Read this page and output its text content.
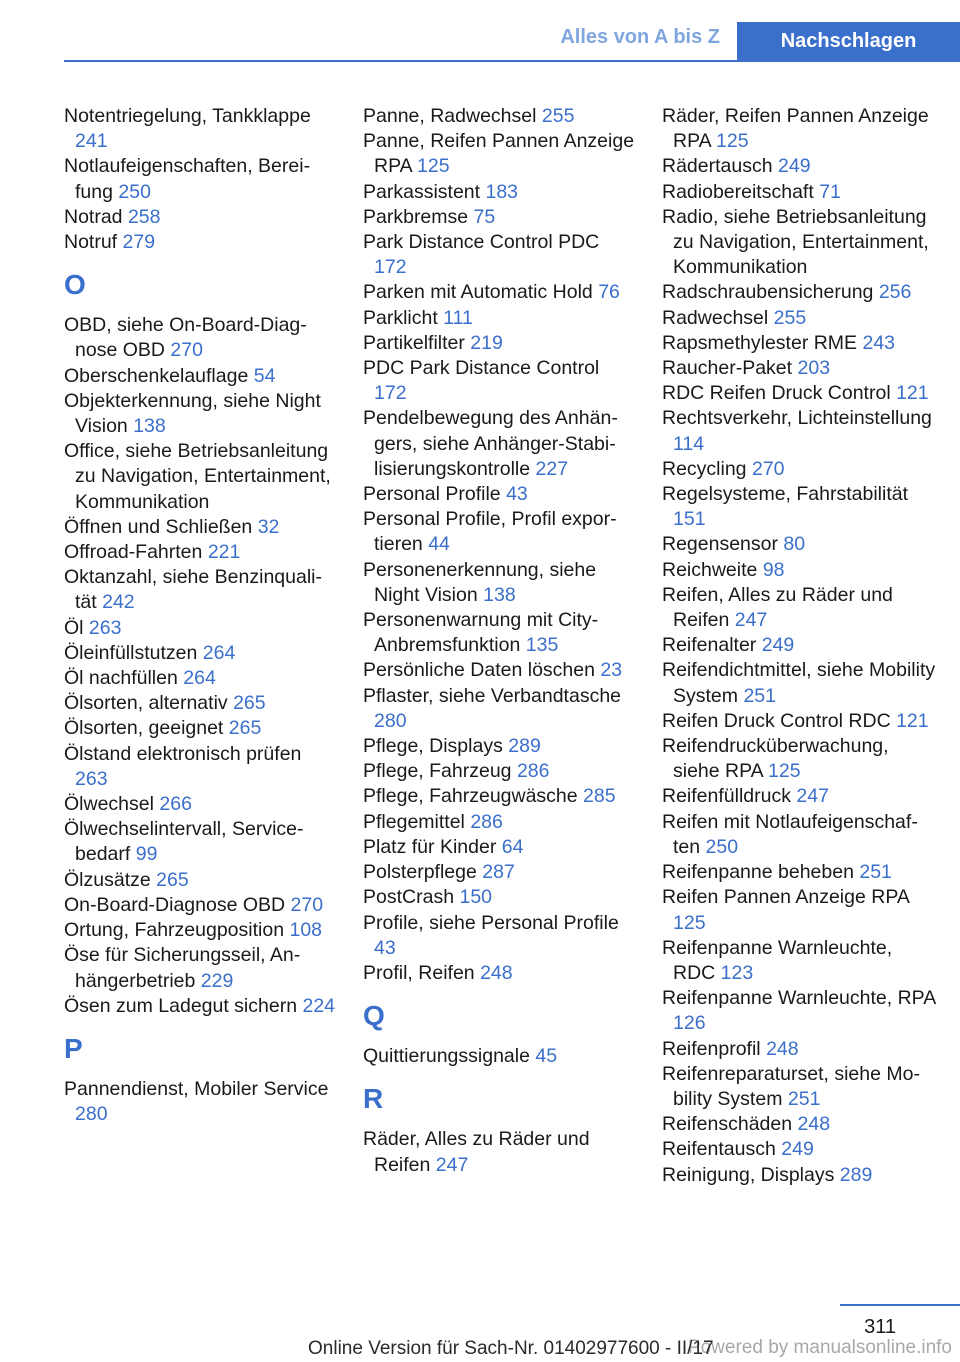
Alles von A bis Z	Nachschlagen

Notentriegelung, Tankklappe 241

Notlaufeigenschaften, Bereifung 250

Notrad 258

Notruf 279

O

OBD, siehe On-Board-Diagnose OBD 270

Oberschenkelauflage 54

Objekterkennung, siehe Night Vision 138

Office, siehe Betriebsanleitung zu Navigation, Entertainment, Kommunikation

Öffnen und Schließen 32

Offroad-Fahrten 221

Oktanzahl, siehe Benzinqualität 242

Öl 263

Öleinfüllstutzen 264

Öl nachfüllen 264

Ölsorten, alternativ 265

Ölsorten, geeignet 265

Ölstand elektronisch prüfen 263

Ölwechsel 266

Ölwechselintervall, Servicebedarf 99

Ölzusätze 265

On-Board-Diagnose OBD 270

Ortung, Fahrzeugposition 108

Öse für Sicherungsseil, Anhängerbetrieb 229

Ösen zum Ladegut sichern 224

P

Pannendienst, Mobiler Service 280

Panne, Radwechsel 255

Panne, Reifen Pannen Anzeige RPA 125

Parkassistent 183

Parkbremse 75

Park Distance Control PDC 172

Parken mit Automatic Hold 76

Parklicht 111

Partikelfilter 219

PDC Park Distance Control 172

Pendelbewegung des Anhängers, siehe Anhänger-Stabilisierungskontrolle 227

Personal Profile 43

Personal Profile, Profil exportieren 44

Personenerkennung, siehe Night Vision 138

Personenwarnung mit City-Anbremsfunktion 135

Persönliche Daten löschen 23

Pflaster, siehe Verbandtasche 280

Pflege, Displays 289

Pflege, Fahrzeug 286

Pflege, Fahrzeugwäsche 285

Pflegemittel 286

Platz für Kinder 64

Polsterpflege 287

PostCrash 150

Profile, siehe Personal Profile 43

Profil, Reifen 248

Q

Quittierungssignale 45

R

Räder, Alles zu Räder und Reifen 247

Räder, Reifen Pannen Anzeige RPA 125

Rädertausch 249

Radiobereitschaft 71

Radio, siehe Betriebsanleitung zu Navigation, Entertainment, Kommunikation

Radschraubensicherung 256

Radwechsel 255

Rapsmethylester RME 243

Raucher-Paket 203

RDC Reifen Druck Control 121

Rechtsverkehr, Lichteinstellung 114

Recycling 270

Regelsysteme, Fahrstabilität 151

Regensensor 80

Reichweite 98

Reifen, Alles zu Räder und Reifen 247

Reifenalter 249

Reifendichtmittel, siehe Mobility System 251

Reifen Druck Control RDC 121

Reifendrucküberwachung, siehe RPA 125

Reifenfülldruck 247

Reifen mit Notlaufeigenschaften 250

Reifenpanne beheben 251

Reifen Pannen Anzeige RPA 125

Reifenpanne Warnleuchte, RDC 123

Reifenpanne Warnleuchte, RPA 126

Reifenprofil 248

Reifenreparaturset, siehe Mobility System 251

Reifenschäden 248

Reifentausch 249

Reinigung, Displays 289

311
Powered by manualsonline.info
Online Version für Sach-Nr. 01402977600 - II/17
